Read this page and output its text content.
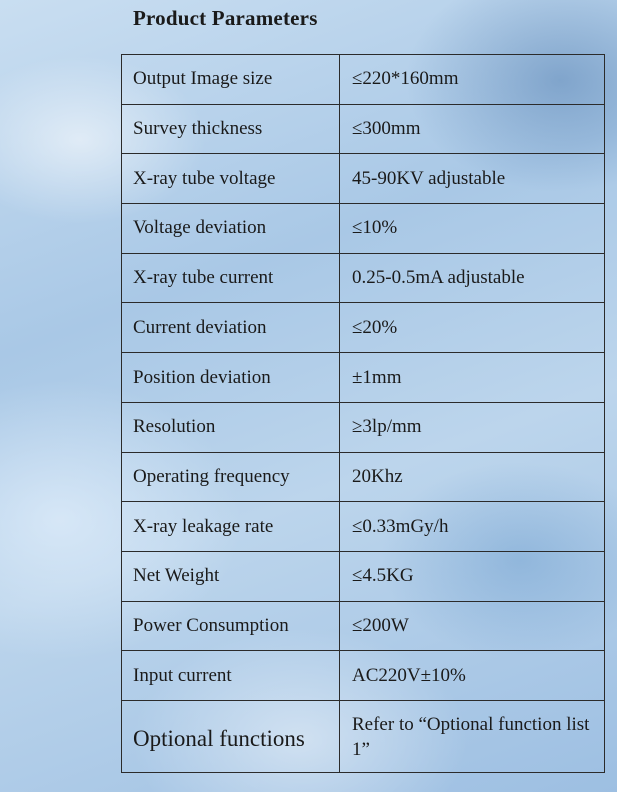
Product Parameters
Output Image size	≤220*160mm
Survey thickness	≤300mm
X-ray tube voltage	45-90KV adjustable
Voltage deviation	≤10%
X-ray tube current	0.25-0.5mA adjustable
Current deviation	≤20%
Position deviation	±1mm
Resolution	≥3lp/mm
Operating frequency	20Khz
X-ray leakage rate	≤0.33mGy/h
Net Weight	≤4.5KG
Power Consumption	≤200W
Input current	AC220V±10%
Optional functions	Refer to “Optional function list 1”
